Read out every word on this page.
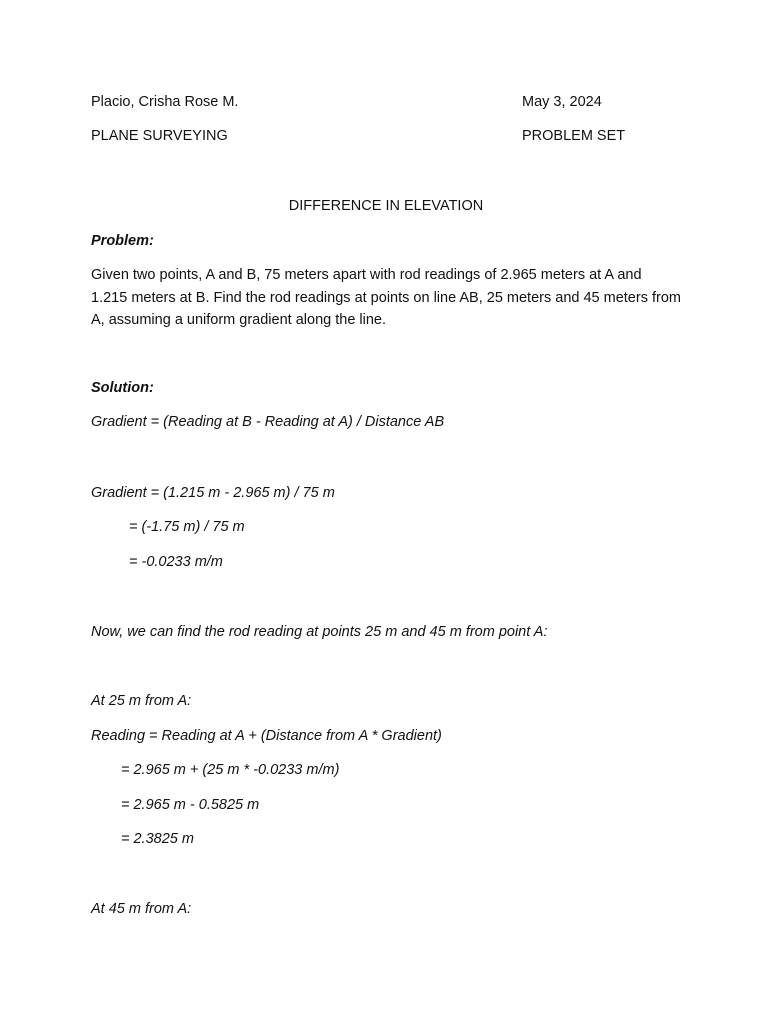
Placio, Crisha Rose M.	May 3, 2024
PLANE SURVEYING	PROBLEM SET
DIFFERENCE IN ELEVATION
Problem:
Given two points, A and B, 75 meters apart with rod readings of 2.965 meters at A and 1.215 meters at B. Find the rod readings at points on line AB, 25 meters and 45 meters from A, assuming a uniform gradient along the line.
Solution:
Gradient = (Reading at B - Reading at A) / Distance AB
Gradient = (1.215 m - 2.965 m) / 75 m
= (-1.75 m) / 75 m
= -0.0233 m/m
Now, we can find the rod reading at points 25 m and 45 m from point A:
At 25 m from A:
Reading = Reading at A + (Distance from A * Gradient)
= 2.965 m + (25 m * -0.0233 m/m)
= 2.965 m - 0.5825 m
= 2.3825 m
At 45 m from A:
